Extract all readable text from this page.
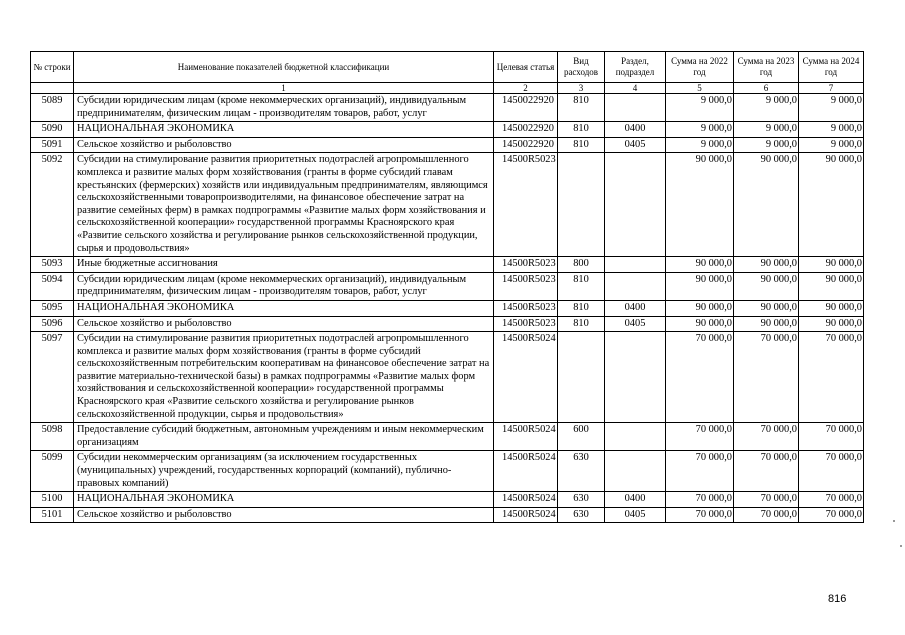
№ строки	Наименование показателей бюджетной классификации	Целевая статья	Вид расходов	Раздел, подраздел	Сумма на 2022 год	Сумма на 2023 год	Сумма на 2024 год
	1	2	3	4	5	6	7
5089	Субсидии юридическим лицам (кроме некоммерческих организаций), индивидуальным предпринимателям, физическим лицам - производителям товаров, работ, услуг	1450022920	810		9 000,0	9 000,0	9 000,0
5090	НАЦИОНАЛЬНАЯ ЭКОНОМИКА	1450022920	810	0400	9 000,0	9 000,0	9 000,0
5091	Сельское хозяйство и рыболовство	1450022920	810	0405	9 000,0	9 000,0	9 000,0
5092	Субсидии на стимулирование развития приоритетных подотраслей агропромышленного комплекса и развитие малых форм хозяйствования (гранты в форме субсидий главам крестьянских (фермерских) хозяйств или индивидуальным предпринимателям, являющимся сельскохозяйственными товаропроизводителями, на финансовое обеспечение затрат на развитие семейных ферм) в рамках подпрограммы «Развитие малых форм хозяйствования и сельскохозяйственной кооперации» государственной программы Красноярского края «Развитие сельского хозяйства и регулирование рынков сельскохозяйственной продукции, сырья и продовольствия»	14500R5023			90 000,0	90 000,0	90 000,0
5093	Иные бюджетные ассигнования	14500R5023	800		90 000,0	90 000,0	90 000,0
5094	Субсидии юридическим лицам (кроме некоммерческих организаций), индивидуальным предпринимателям, физическим лицам - производителям товаров, работ, услуг	14500R5023	810		90 000,0	90 000,0	90 000,0
5095	НАЦИОНАЛЬНАЯ ЭКОНОМИКА	14500R5023	810	0400	90 000,0	90 000,0	90 000,0
5096	Сельское хозяйство и рыболовство	14500R5023	810	0405	90 000,0	90 000,0	90 000,0
5097	Субсидии на стимулирование развития приоритетных подотраслей агропромышленного комплекса и развитие малых форм хозяйствования (гранты в форме субсидий сельскохозяйственным потребительским кооперативам на финансовое обеспечение затрат на развитие материально-технической базы) в рамках подпрограммы «Развитие малых форм хозяйствования и сельскохозяйственной кооперации» государственной программы Красноярского края «Развитие сельского хозяйства и регулирование рынков сельскохозяйственной продукции, сырья и продовольствия»	14500R5024			70 000,0	70 000,0	70 000,0
5098	Предоставление субсидий бюджетным, автономным учреждениям и иным некоммерческим организациям	14500R5024	600		70 000,0	70 000,0	70 000,0
5099	Субсидии некоммерческим организациям (за исключением государственных (муниципальных) учреждений, государственных корпораций (компаний), публично-правовых компаний)	14500R5024	630		70 000,0	70 000,0	70 000,0
5100	НАЦИОНАЛЬНАЯ ЭКОНОМИКА	14500R5024	630	0400	70 000,0	70 000,0	70 000,0
5101	Сельское хозяйство и рыболовство	14500R5024	630	0405	70 000,0	70 000,0	70 000,0
816
